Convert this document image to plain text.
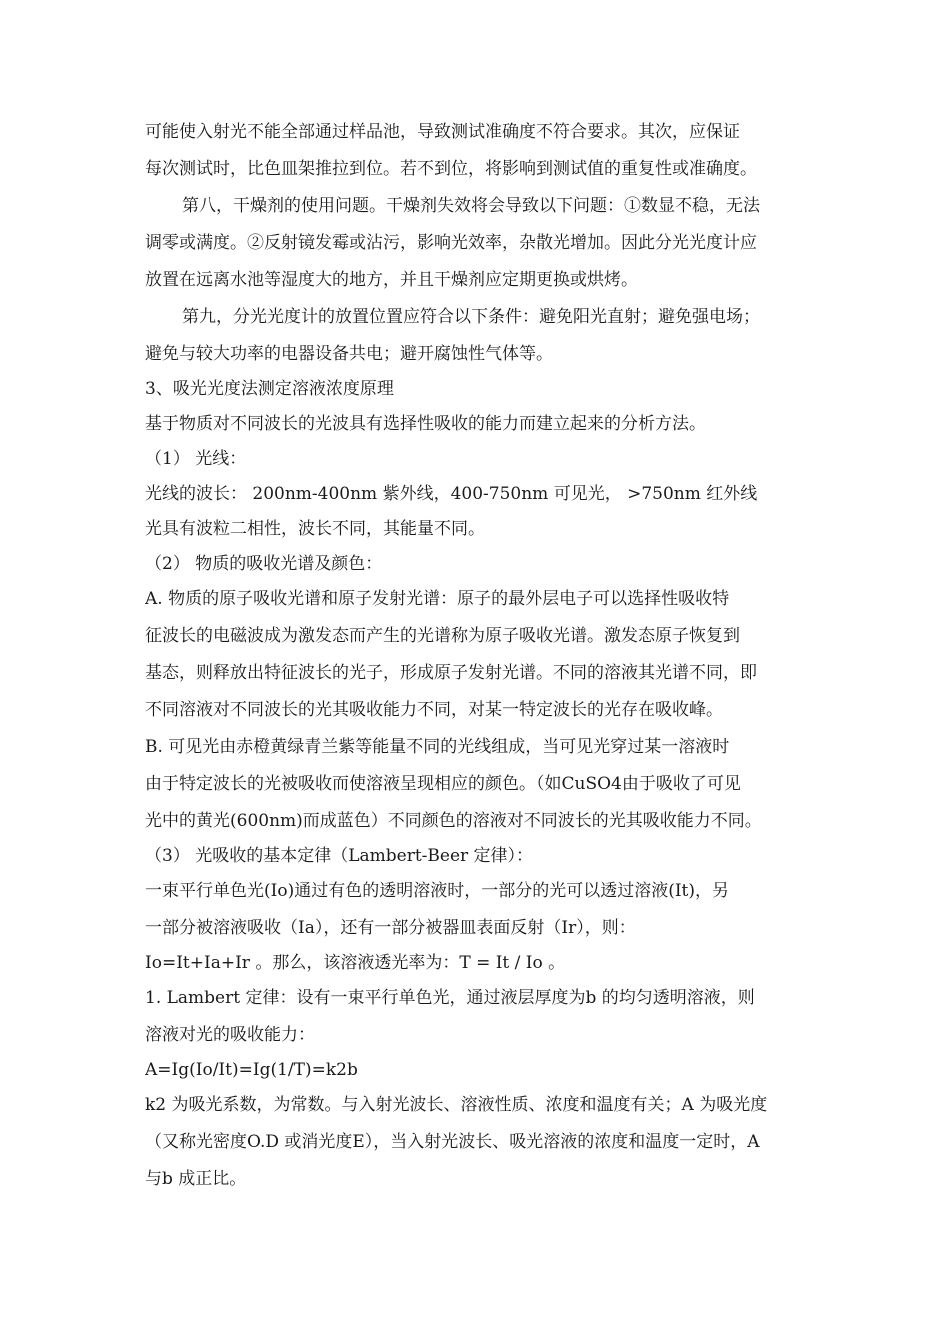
可能使入射光不能全部通过样品池，导致测试准确度不符合要求。其次，应保证
每次测试时，比色皿架推拉到位。若不到位，将影响到测试值的重复性或准确度。
第八，干燥剂的使用问题。干燥剂失效将会导致以下问题：①数显不稳，无法
调零或满度。②反射镜发霉或沾污，影响光效率，杂散光增加。因此分光光度计应
放置在远离水池等湿度大的地方，并且干燥剂应定期更换或烘烤。
第九，分光光度计的放置位置应符合以下条件：避免阳光直射；避免强电场；
避免与较大功率的电器设备共电；避开腐蚀性气体等。
3、吸光光度法测定溶液浓度原理
基于物质对不同波长的光波具有选择性吸收的能力而建立起来的分析方法。
（1） 光线：
光线的波长： 200nm-400nm 紫外线，400-750nm 可见光， >750nm 红外线
光具有波粒二相性，波长不同，其能量不同。
（2） 物质的吸收光谱及颜色：
A. 物质的原子吸收光谱和原子发射光谱：原子的最外层电子可以选择性吸收特
征波长的电磁波成为激发态而产生的光谱称为原子吸收光谱。激发态原子恢复到
基态，则释放出特征波长的光子，形成原子发射光谱。不同的溶液其光谱不同，即
不同溶液对不同波长的光其吸收能力不同，对某一特定波长的光存在吸收峰。
B. 可见光由赤橙黄绿青兰紫等能量不同的光线组成，当可见光穿过某一溶液时
由于特定波长的光被吸收而使溶液呈现相应的颜色。（如CuSO4由于吸收了可见
光中的黄光(600nm)而成蓝色）不同颜色的溶液对不同波长的光其吸收能力不同。
（3） 光吸收的基本定律（Lambert-Beer 定律）：
一束平行单色光(Io)通过有色的透明溶液时，一部分的光可以透过溶液(It)，另
一部分被溶液吸收（Ia），还有一部分被器皿表面反射（Ir），则：
Io=It+Ia+Ir 。那么，该溶液透光率为：T = It / Io 。
1. Lambert 定律：设有一束平行单色光，通过液层厚度为b 的均匀透明溶液，则
溶液对光的吸收能力：
A=Ig(Io/It)=Ig(1/T)=k2b
k2 为吸光系数，为常数。与入射光波长、溶液性质、浓度和温度有关；A 为吸光度
（又称光密度O.D 或消光度E），当入射光波长、吸光溶液的浓度和温度一定时，A
与b 成正比。
